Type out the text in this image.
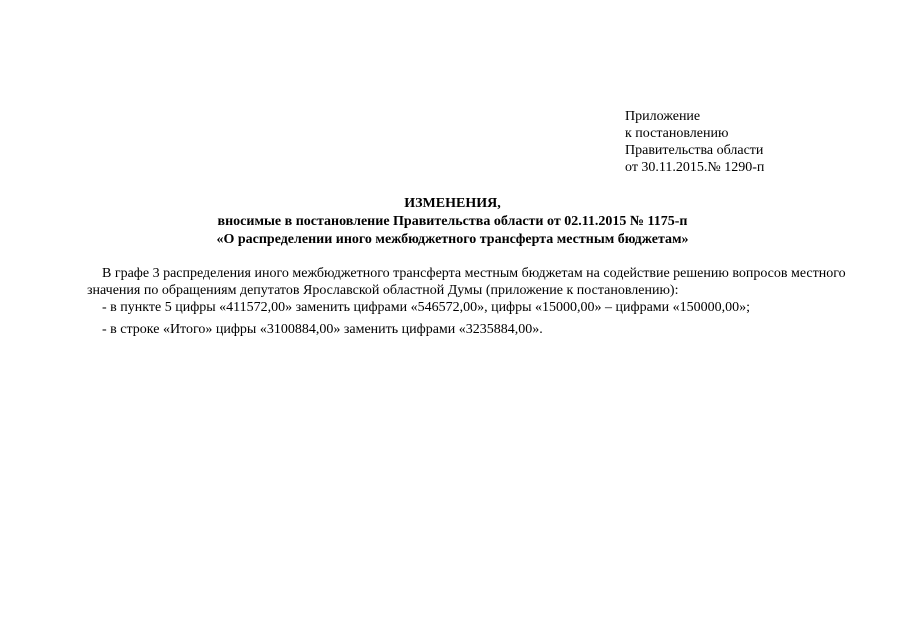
Приложение
к постановлению
Правительства области
от 30.11.2015.№ 1290-п
ИЗМЕНЕНИЯ,
вносимые в постановление Правительства области от 02.11.2015 № 1175-п
«О распределении иного межбюджетного трансферта местным бюджетам»

В графе 3 распределения иного межбюджетного трансферта местным бюджетам на содействие решению вопросов местного значения по обращениям депутатов Ярославской областной Думы (приложение к постановлению):

- в пункте 5 цифры «411572,00» заменить цифрами «546572,00», цифры «15000,00» – цифрами «150000,00»;

- в строке «Итого» цифры «3100884,00» заменить цифрами «3235884,00».
